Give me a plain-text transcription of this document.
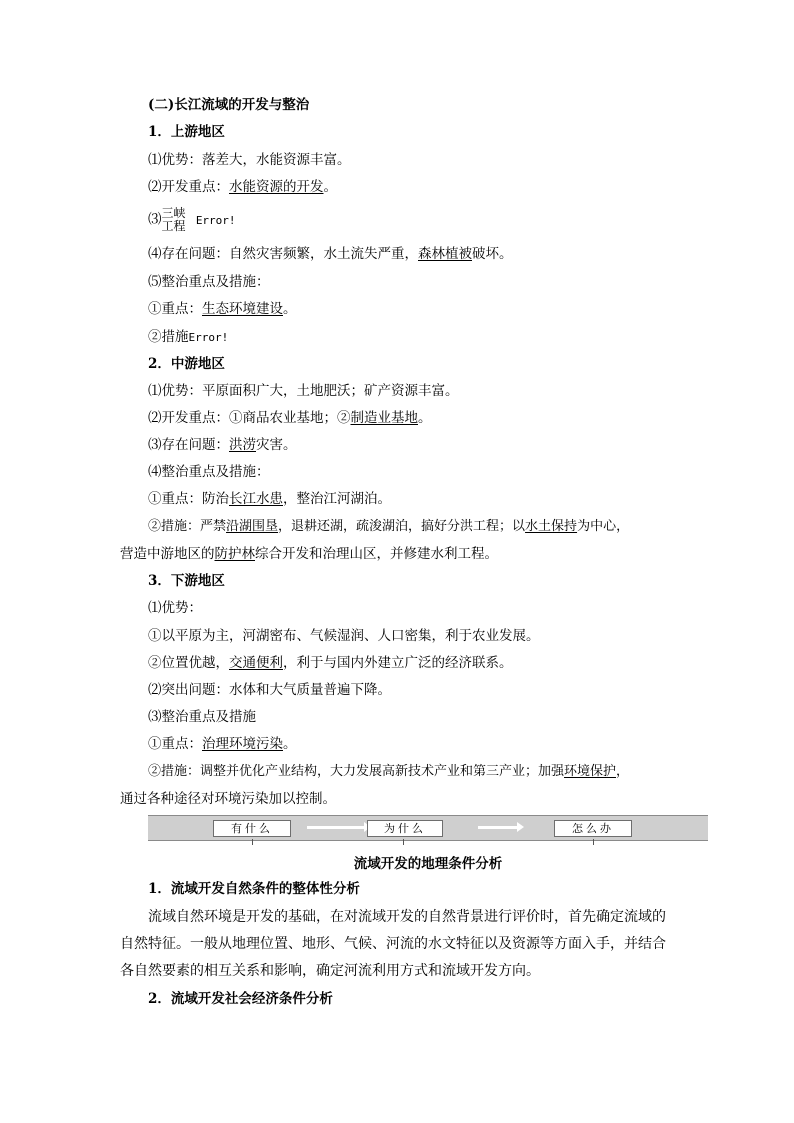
(二)长江流域的开发与整治
1．上游地区
⑴优势：落差大，水能资源丰富。
⑵开发重点：水能资源的开发。
⑶三峡
工程 Error!
⑷存在问题：自然灾害频繁，水土流失严重，森林植被破坏。
⑸整治重点及措施：
①重点：生态环境建设。
②措施Error!
2．中游地区
⑴优势：平原面积广大，土地肥沃；矿产资源丰富。
⑵开发重点：①商品农业基地；②制造业基地。
⑶存在问题：洪涝灾害。
⑷整治重点及措施：
①重点：防治长江水患，整治江河湖泊。
②措施：严禁沿湖围垦，退耕还湖，疏浚湖泊，搞好分洪工程；以水土保持为中心，
营造中游地区的防护林综合开发和治理山区，并修建水利工程。
3．下游地区
⑴优势：
①以平原为主，河湖密布、气候湿润、人口密集，利于农业发展。
②位置优越，交通便利，利于与国内外建立广泛的经济联系。
⑵突出问题：水体和大气质量普遍下降。
⑶整治重点及措施
①重点：治理环境污染。
②措施：调整并优化产业结构，大力发展高新技术产业和第三产业；加强环境保护，
通过各种途径对环境污染加以控制。
有什么	为什么	怎么办
流域开发的地理条件分析
1．流域开发自然条件的整体性分析
流域自然环境是开发的基础，在对流域开发的自然背景进行评价时，首先确定流域的
自然特征。一般从地理位置、地形、气候、河流的水文特征以及资源等方面入手，并结合
各自然要素的相互关系和影响，确定河流利用方式和流域开发方向。
2．流域开发社会经济条件分析
